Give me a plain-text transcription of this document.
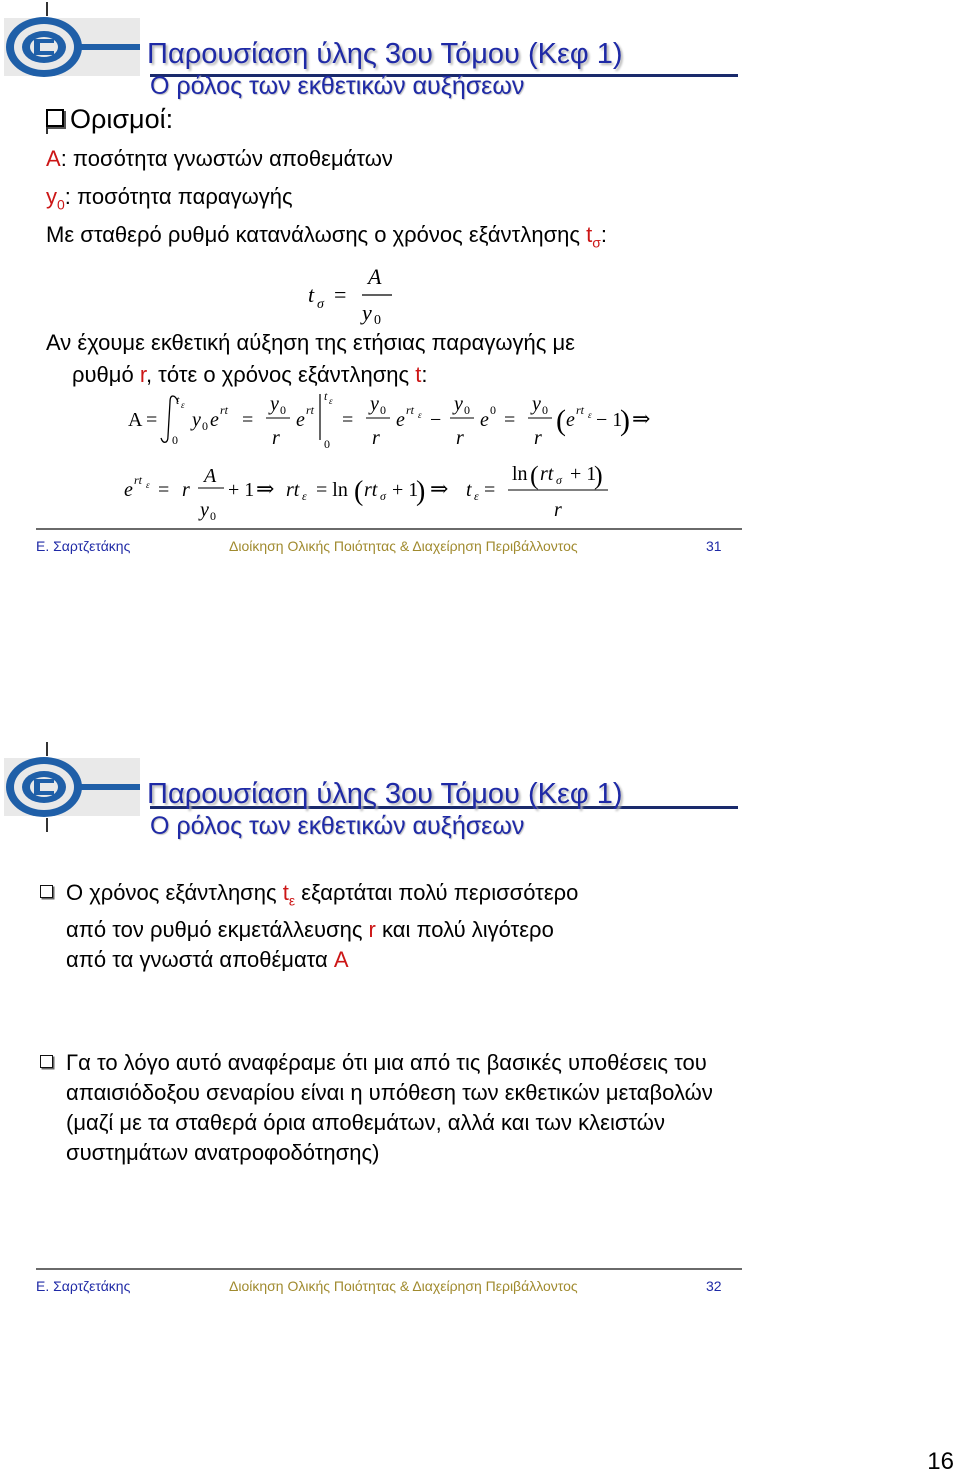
Παρουσίαση ύλης 3ου Τόμου (Κεφ 1)
Ο ρόλος των εκθετικών αυξήσεων
Ορισμοί:
A: ποσότητα γνωστών αποθεμάτων
$y_0$: ποσότητα παραγωγής
Με σταθερό ρυθμό κατανάλωσης ο χρόνος εξάντλησης $t_\sigma$:
t σ =
A
y 0
Αν έχουμε εκθετική αύξηση της ετήσιας παραγωγής με
ρυθμό r, τότε ο χρόνος εξάντλησης t:
A =
t ε
0
y 0 e rt =
y 0
r
e rt
t ε
0
=
y 0
r
e rt ε −
y 0
r
e 0 =
y 0
r
( e rt ε − 1
) ⇒
e rt ε = r
A
y 0
+ 1 ⇒ rt ε = ln ( rt σ + 1
) ⇒ t ε =
ln ( rt σ + 1
)
r
Ε. Σαρτζετάκης	Διοίκηση Ολικής Ποιότητας & Διαχείρηση Περιβάλλοντος	31
Παρουσίαση ύλης 3ου Τόμου (Κεφ 1)
Ο ρόλος των εκθετικών αυξήσεων
Ο χρόνος εξάντλησης $t_\varepsilon$ εξαρτάται πολύ περισσότερο
από τον ρυθμό εκμετάλλευσης r και πολύ λιγότερο
από τα γνωστά αποθέματα A
Γα το λόγο αυτό αναφέραμε ότι μια από τις βασικές υποθέσεις του απαισιόδοξου σεναρίου είναι η υπόθεση των εκθετικών μεταβολών (μαζί με τα σταθερά όρια αποθεμάτων, αλλά και των κλειστών συστημάτων ανατροφοδότησης)
Ε. Σαρτζετάκης	Διοίκηση Ολικής Ποιότητας & Διαχείρηση Περιβάλλοντος	32
16
